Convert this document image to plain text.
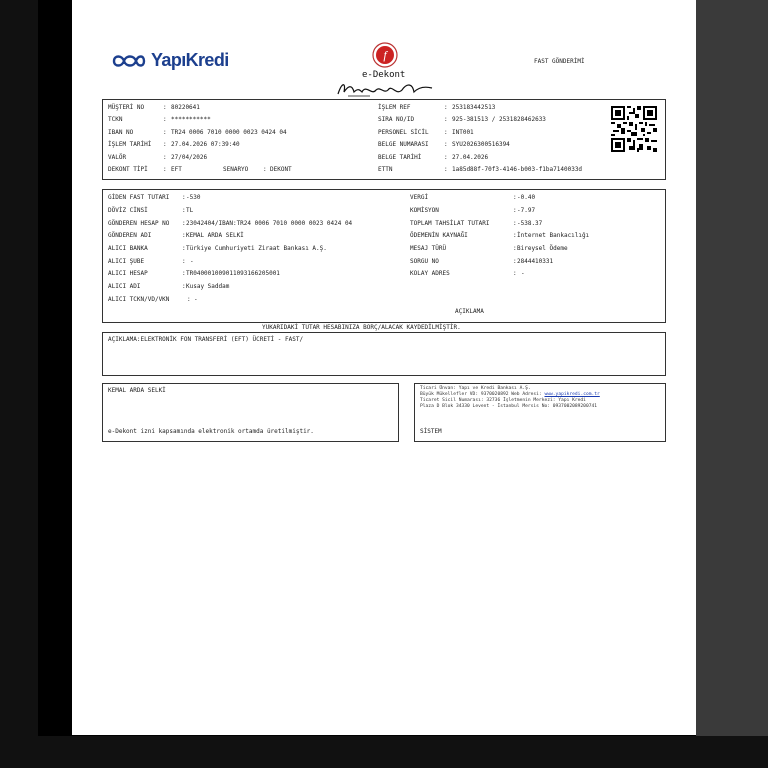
YapıKredi	f
e-Dekont
FAST GÖNDERİMİ
MÜŞTERİ NO	: 80220641
TCKN	: ***********
IBAN NO	: TR24 0006 7010 0000 0023 0424 04
İŞLEM TARİHİ : 27.04.2026 07:39:40
VALÖR	: 27/04/2026
DEKONT TİPİ	: EFT	SENARYO : DEKONT
İŞLEM REF	: 253183442513
SIRA NO/ID	: 925-381513 / 2531828462633
PERSONEL SİCİL	: INT001
BELGE NUMARASI	: SYU2026300516394
BELGE TARİHİ	: 27.04.2026
ETTN	: 1a85d88f-70f3-4146-b003-f1ba7140033d
GİDEN FAST TUTARI : -530
DÖVİZ CİNSİ	: TL
GÖNDEREN HESAP NO : 23042404/IBAN:TR24 0006 7010 0000 0023 0424 04
GÖNDEREN ADI	: KEMAL ARDA SELKİ
ALICI BANKA	: Türkiye Cumhuriyeti Ziraat Bankası A.Ş.
ALICI ŞUBE	: -
ALICI HESAP	: TR040001009011093166205001
ALICI ADI	: Kusay Saddam
ALICI TCKN/VD/VKN	: -
VERGİ	: -0.40
KOMİSYON	: -7.97
TOPLAM TAHSİLAT TUTARI	: -538.37
ÖDEMENİN KAYNAĞI	: İnternet Bankacılığı
MESAJ TÜRÜ	: Bireysel Ödeme
SORGU NO	: 2844410331
KOLAY ADRES	: -
AÇIKLAMA
YUKARIDAKİ TUTAR HESABINIZA BORÇ/ALACAK KAYDEDİLMİŞTİR.
AÇIKLAMA:ELEKTRONİK FON TRANSFERİ (EFT) ÜCRETİ - FAST/
KEMAL ARDA SELKİ
e-Dekont izni kapsamında elektronik ortamda üretilmiştir.
Ticari Ünvan: Yapı ve Kredi Bankası A.Ş.
Büyük Mükellefler VD: 9370020892 Web Adresi: www.yapikredi.com.tr
Ticaret Sicil Numarası: 32736 İşletmenin Merkezi: Yapı Kredi
Plaza D Blok 34330 Levent - İstanbul Mersis No: 0937002089200741
SİSTEM
